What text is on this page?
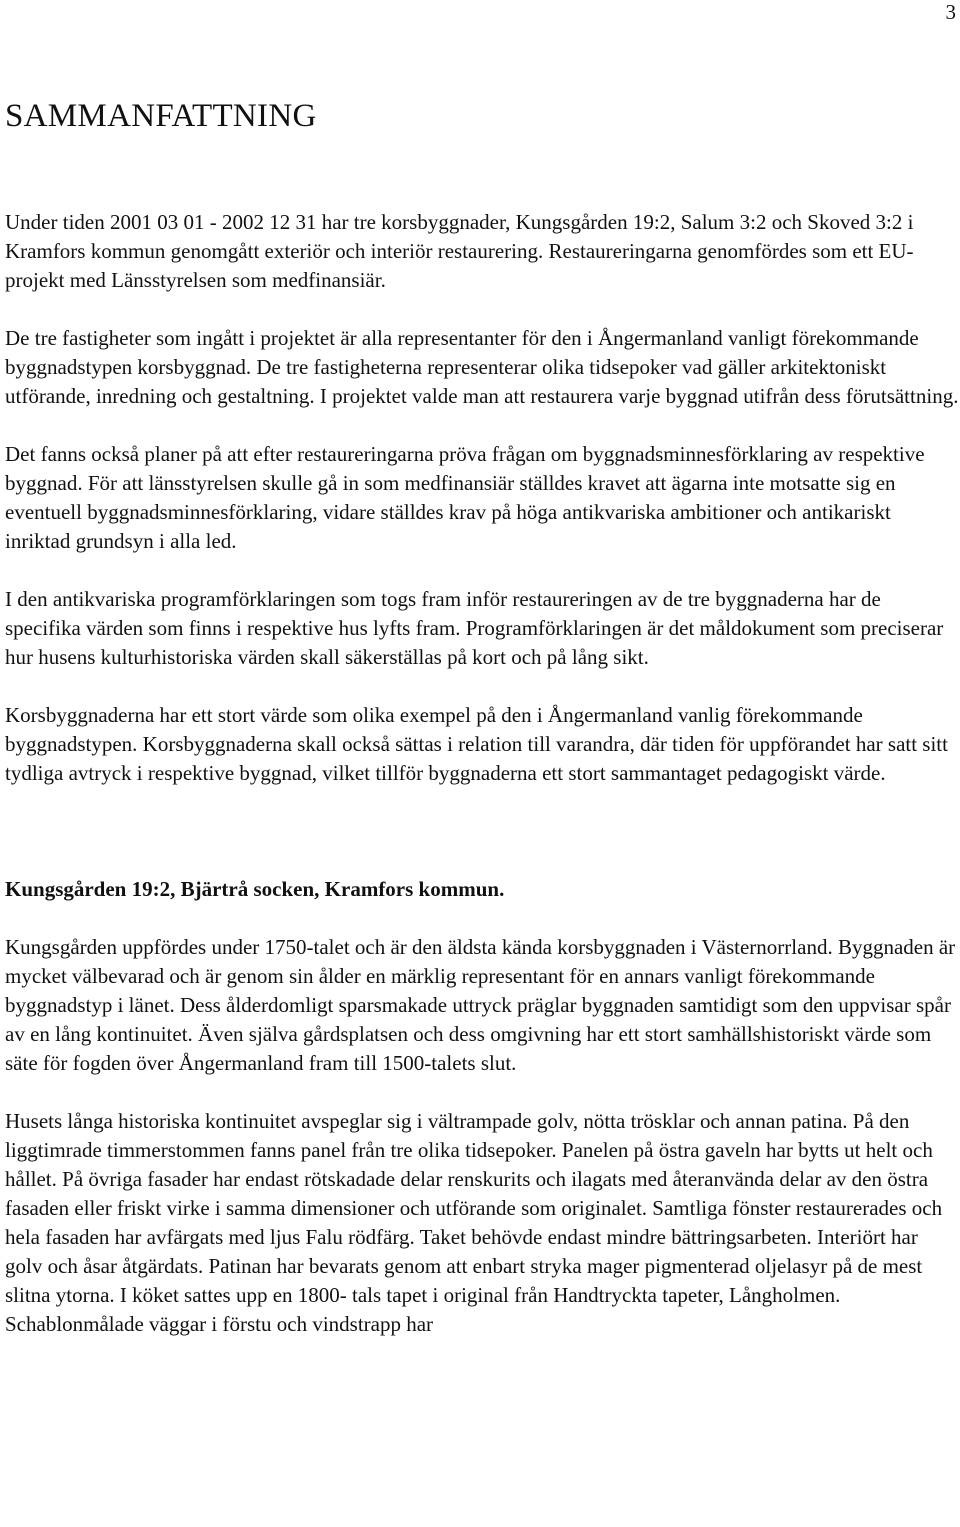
3
SAMMANFATTNING

Under tiden 2001 03 01 - 2002 12 31 har tre korsbyggnader, Kungsgården 19:2, Salum 3:2 och Skoved 3:2 i Kramfors kommun genomgått exteriör och interiör restaurering. Restaureringarna genomfördes som ett EU-projekt med Länsstyrelsen som medfinansiär.

De tre fastigheter som ingått i projektet är alla representanter för den i Ångermanland vanligt förekommande byggnadstypen korsbyggnad. De tre fastigheterna representerar olika tidsepoker vad gäller arkitektoniskt utförande, inredning och gestaltning. I projektet valde man att restaurera varje byggnad utifrån dess förutsättning.

Det fanns också planer på att efter restaureringarna pröva frågan om byggnadsminnesförklaring av respektive byggnad. För att länsstyrelsen skulle gå in som medfinansiär ställdes kravet att ägarna inte motsatte sig en eventuell byggnadsminnesförklaring, vidare ställdes krav på höga antikvariska ambitioner och antikariskt inriktad grundsyn i alla led.

I den antikvariska programförklaringen som togs fram inför restaureringen av de tre byggnaderna har de specifika värden som finns i respektive hus lyfts fram. Programförklaringen är det måldokument som preciserar hur husens kulturhistoriska värden skall säkerställas på kort och på lång sikt.

Korsbyggnaderna har ett stort värde som olika exempel på den i Ångermanland vanlig förekommande byggnadstypen. Korsbyggnaderna skall också sättas i relation till varandra, där tiden för uppförandet har satt sitt tydliga avtryck i respektive byggnad, vilket tillför byggnaderna ett stort sammantaget pedagogiskt värde.

Kungsgården 19:2, Bjärtrå socken, Kramfors kommun.

Kungsgården uppfördes under 1750-talet och är den äldsta kända korsbyggnaden i Västernorrland. Byggnaden är mycket välbevarad och är genom sin ålder en märklig representant för en annars vanligt förekommande byggnadstyp i länet. Dess ålderdomligt sparsmakade uttryck präglar byggnaden samtidigt som den uppvisar spår av en lång kontinuitet. Även själva gårdsplatsen och dess omgivning har ett stort samhällshistoriskt värde som säte för fogden över Ångermanland fram till 1500-talets slut.

Husets långa historiska kontinuitet avspeglar sig i vältrampade golv, nötta trösklar och annan patina. På den liggtimrade timmerstommen fanns panel från tre olika tidsepoker. Panelen på östra gaveln har bytts ut helt och hållet. På övriga fasader har endast rötskadade delar renskurits och ilagats med återanvända delar av den östra fasaden eller friskt virke i samma dimensioner och utförande som originalet. Samtliga fönster restaurerades och hela fasaden har avfärgats med ljus Falu rödfärg. Taket behövde endast mindre bättringsarbeten. Interiört har golv och åsar åtgärdats. Patinan har bevarats genom att enbart stryka mager pigmenterad oljelasyr på de mest slitna ytorna. I köket sattes upp en 1800- tals tapet i original från Handtryckta tapeter, Långholmen. Schablonmålade väggar i förstu och vindstrapp har
